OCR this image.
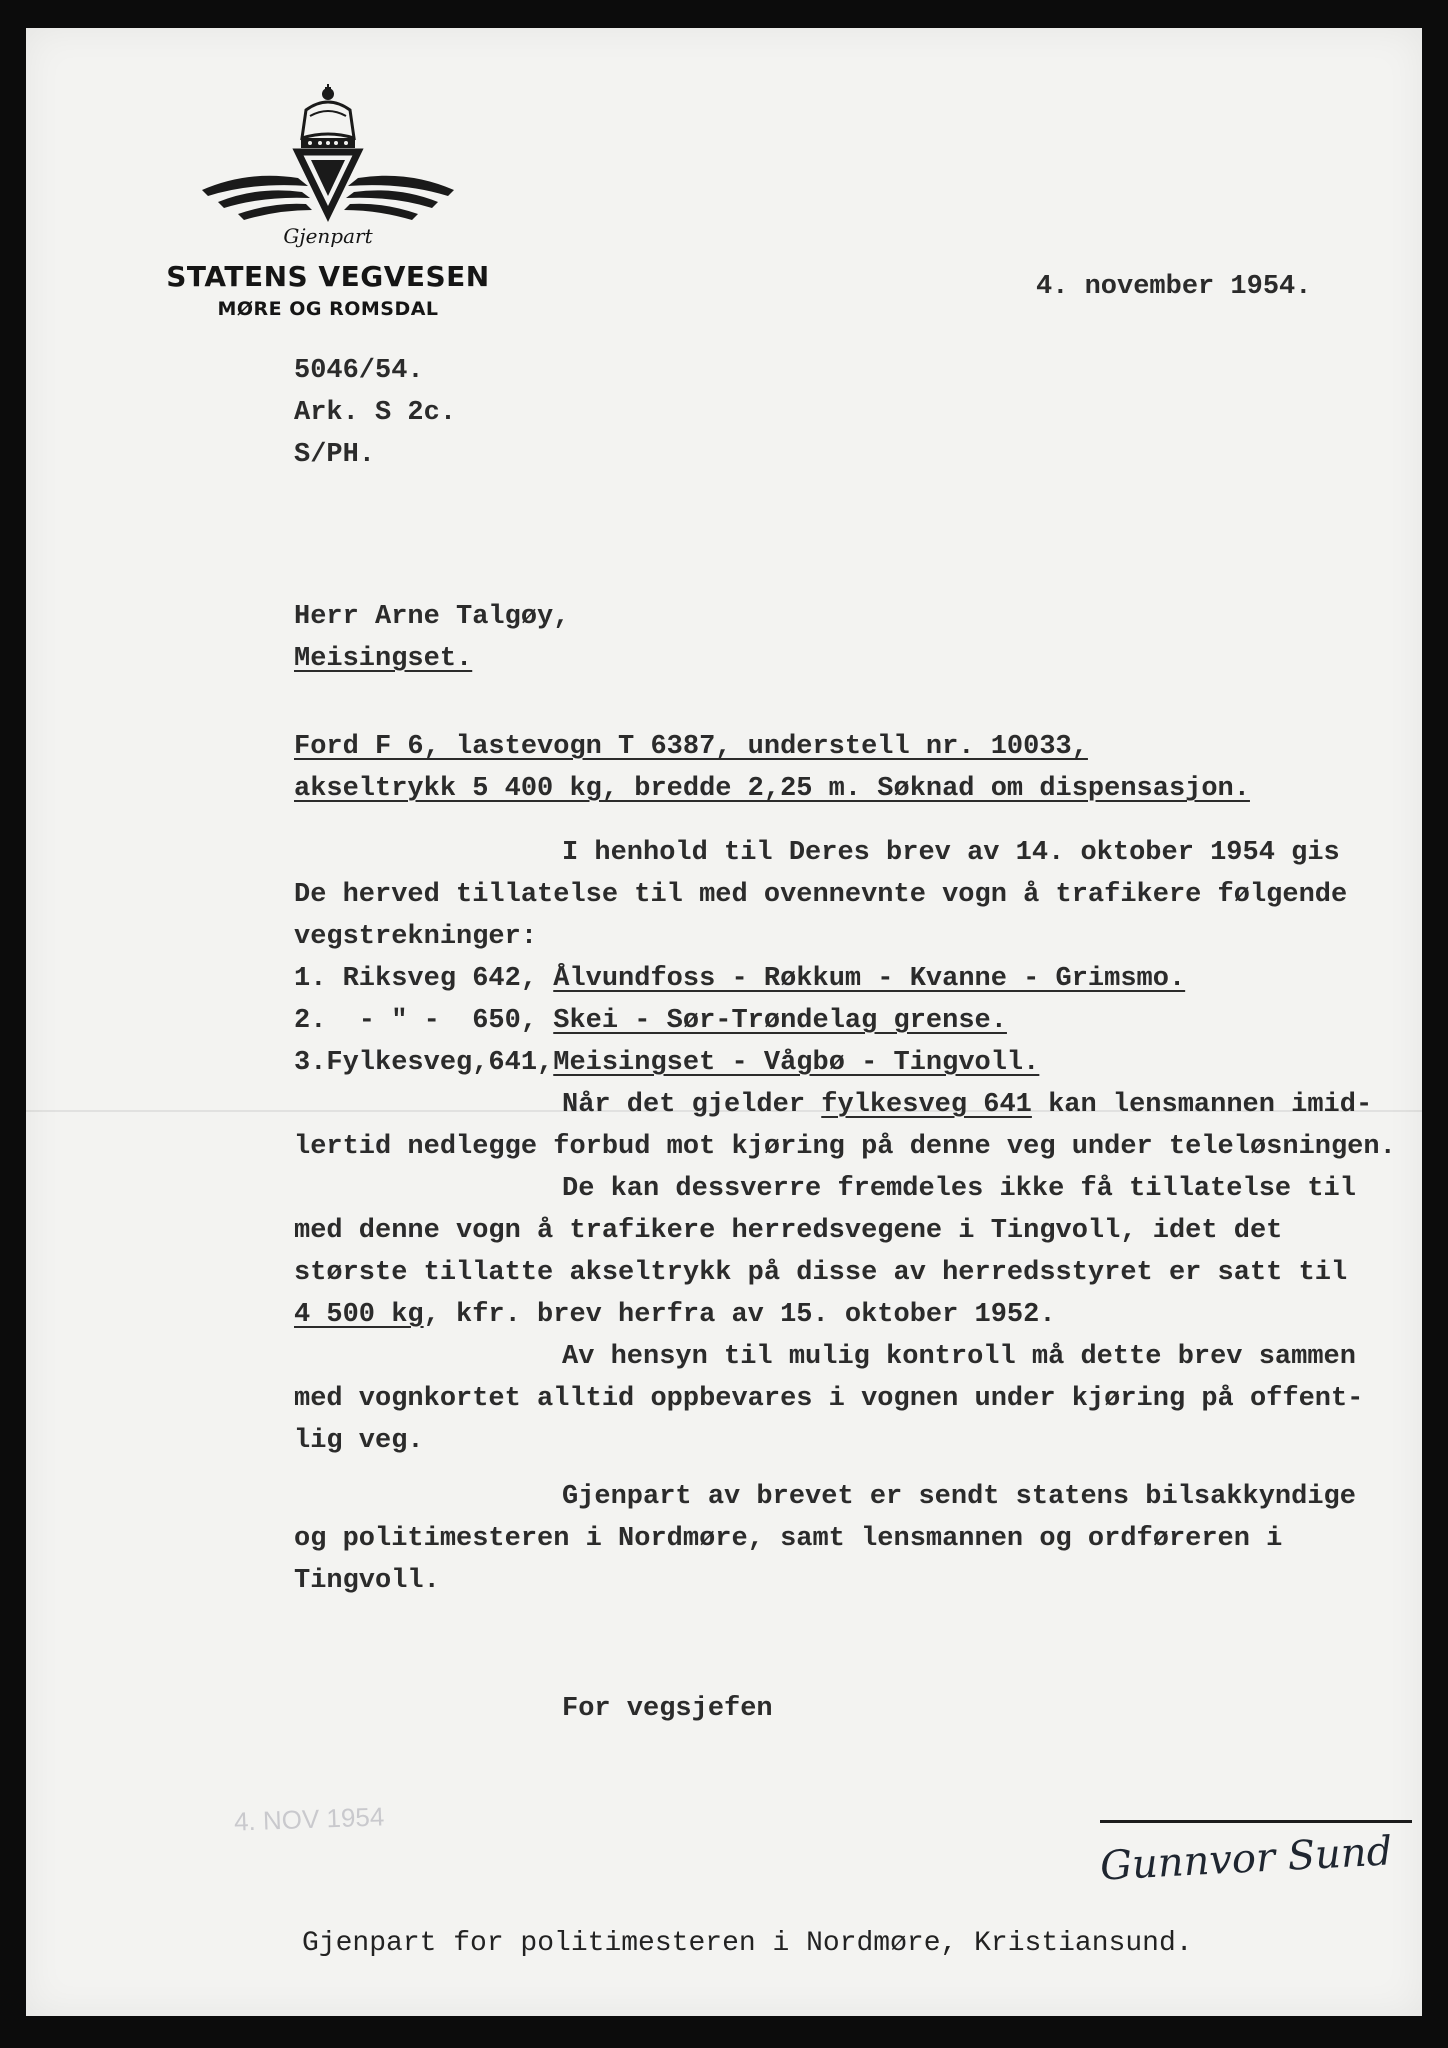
Gjenpart
STATENS VEGVESEN
MØRE OG ROMSDAL
4. november 1954.
5046/54.
Ark. S 2c.
S/PH.
Herr Arne Talgøy,
Meisingset.
Ford F 6, lastevogn T 6387, understell nr. 10033,
akseltrykk 5 400 kg, bredde 2,25 m. Søknad om dispensasjon.
I henhold til Deres brev av 14. oktober 1954 gis
De herved tillatelse til med ovennevnte vogn å trafikere følgende
vegstrekninger:
1. Riksveg 642, Ålvundfoss - Røkkum - Kvanne - Grimsmo.
2.  - " -  650, Skei - Sør-Trøndelag grense.
3.Fylkesveg,641,Meisingset - Vågbø - Tingvoll.
Når det gjelder fylkesveg 641 kan lensmannen imid-
lertid nedlegge forbud mot kjøring på denne veg under teleløsningen.
De kan dessverre fremdeles ikke få tillatelse til
med denne vogn å trafikere herredsvegene i Tingvoll, idet det
største tillatte akseltrykk på disse av herredsstyret er satt til
4 500 kg, kfr. brev herfra av 15. oktober 1952.
Av hensyn til mulig kontroll må dette brev sammen
med vognkortet alltid oppbevares i vognen under kjøring på offent-
lig veg.
Gjenpart av brevet er sendt statens bilsakkyndige
og politimesteren i Nordmøre, samt lensmannen og ordføreren i
Tingvoll.
For vegsjefen
4. NOV 1954
Gunnvor Sund
Gjenpart for politimesteren i Nordmøre, Kristiansund.
